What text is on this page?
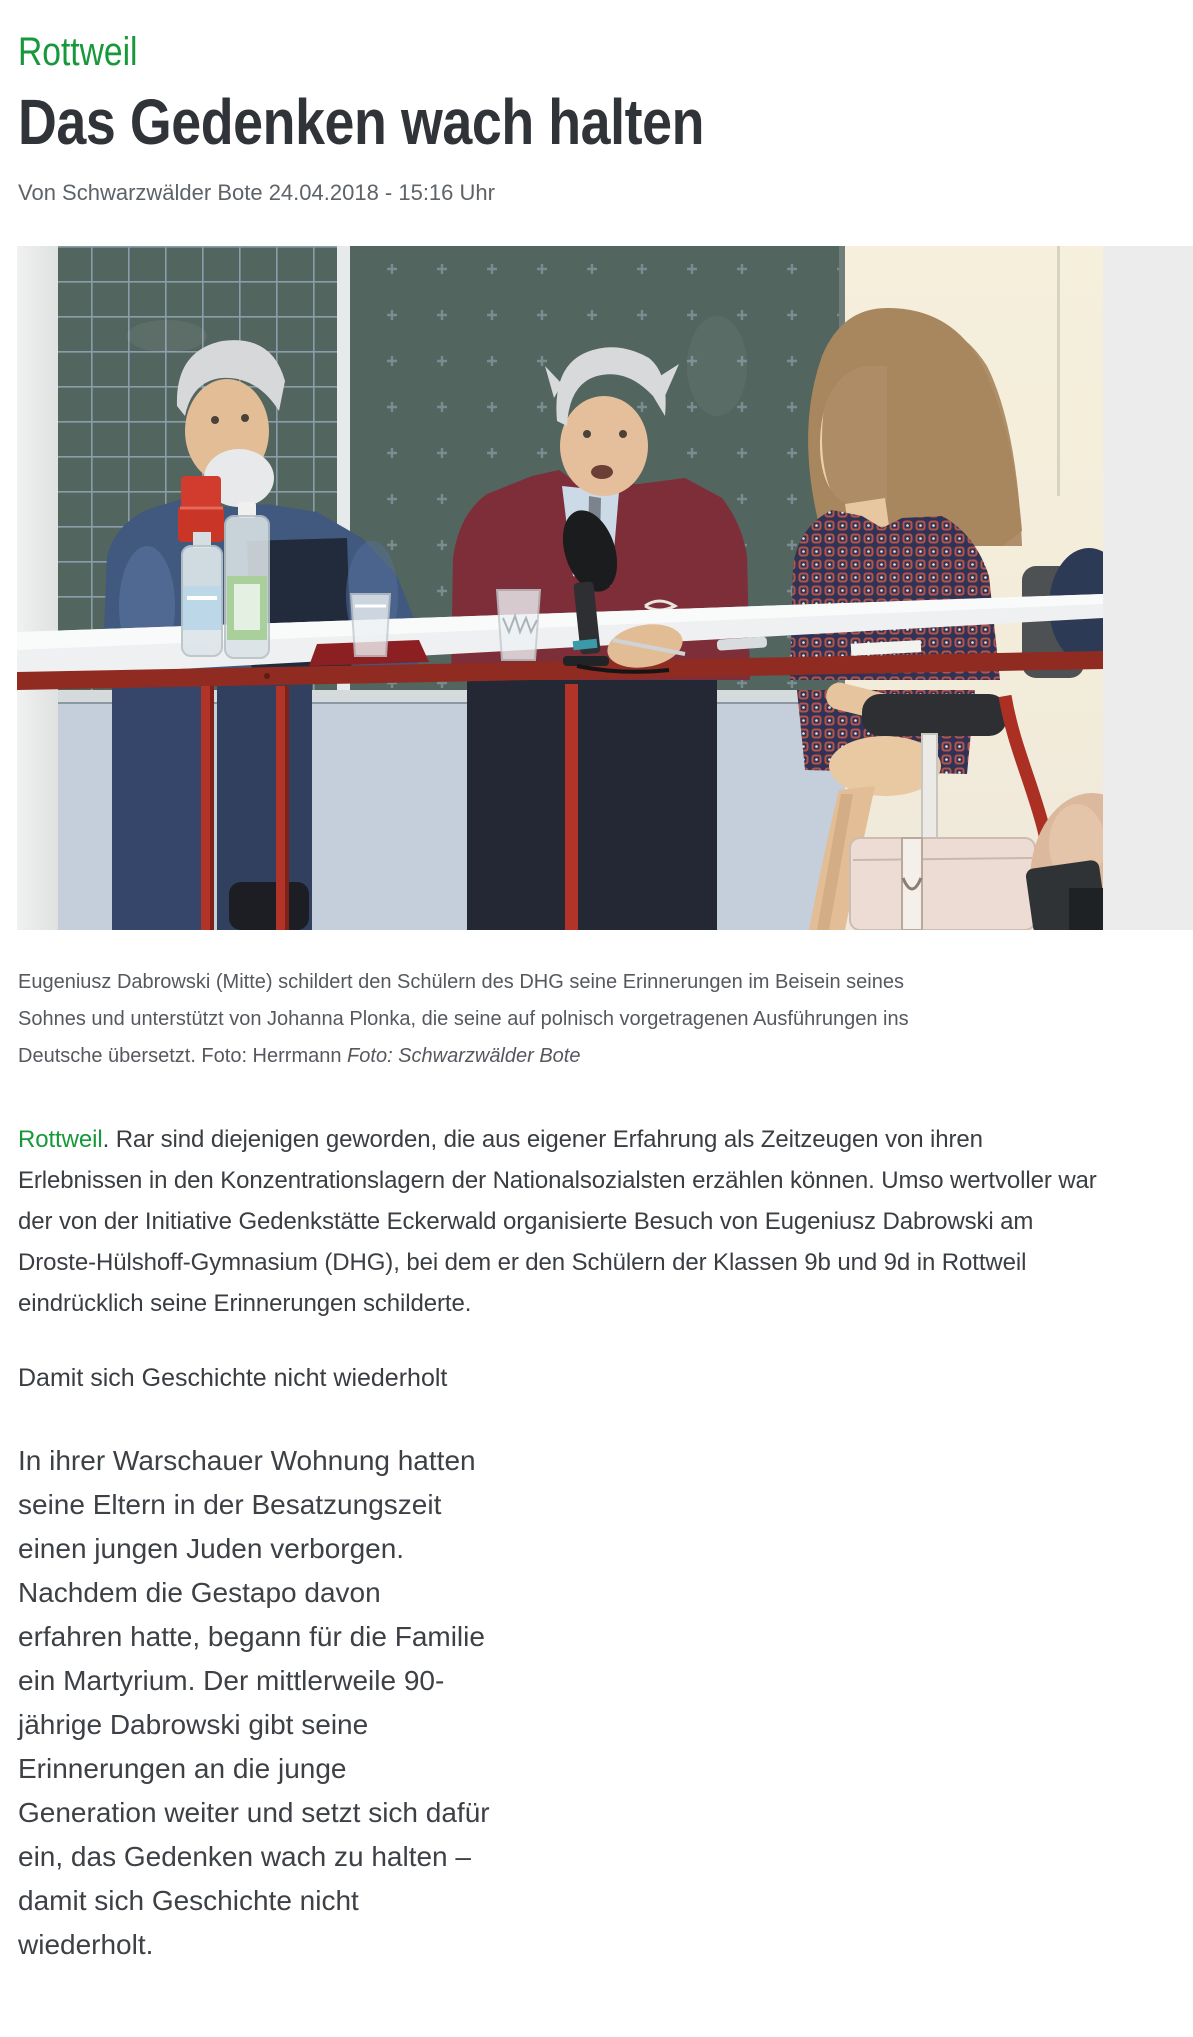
Rottweil
Das Gedenken wach halten
Von Schwarzwälder Bote 24.04.2018 - 15:16 Uhr
Eugeniusz Dabrowski (Mitte) schildert den Schülern des DHG seine Erinnerungen im Beisein seines Sohnes und unterstützt von Johanna Plonka, die seine auf polnisch vorgetragenen Ausführungen ins Deutsche übersetzt. Foto: Herrmann Foto: Schwarzwälder Bote

Rottweil. Rar sind diejenigen geworden, die aus eigener Erfahrung als Zeitzeugen von ihren Erlebnissen in den Konzentrationslagern der Nationalsozialsten erzählen können. Umso wertvoller war der von der Initiative Gedenkstätte Eckerwald organisierte Besuch von Eugeniusz Dabrowski am Droste-Hülshoff-Gymnasium (DHG), bei dem er den Schülern der Klassen 9b und 9d in Rottweil eindrücklich seine Erinnerungen schilderte.

Damit sich Geschichte nicht wiederholt

In ihrer Warschauer Wohnung hatten seine Eltern in der Besatzungszeit einen jungen Juden verborgen. Nachdem die Gestapo davon erfahren hatte, begann für die Familie ein Martyrium. Der mittlerweile 90-jährige Dabrowski gibt seine Erinnerungen an die junge Generation weiter und setzt sich dafür ein, das Gedenken wach zu halten – damit sich Geschichte nicht wiederholt.
